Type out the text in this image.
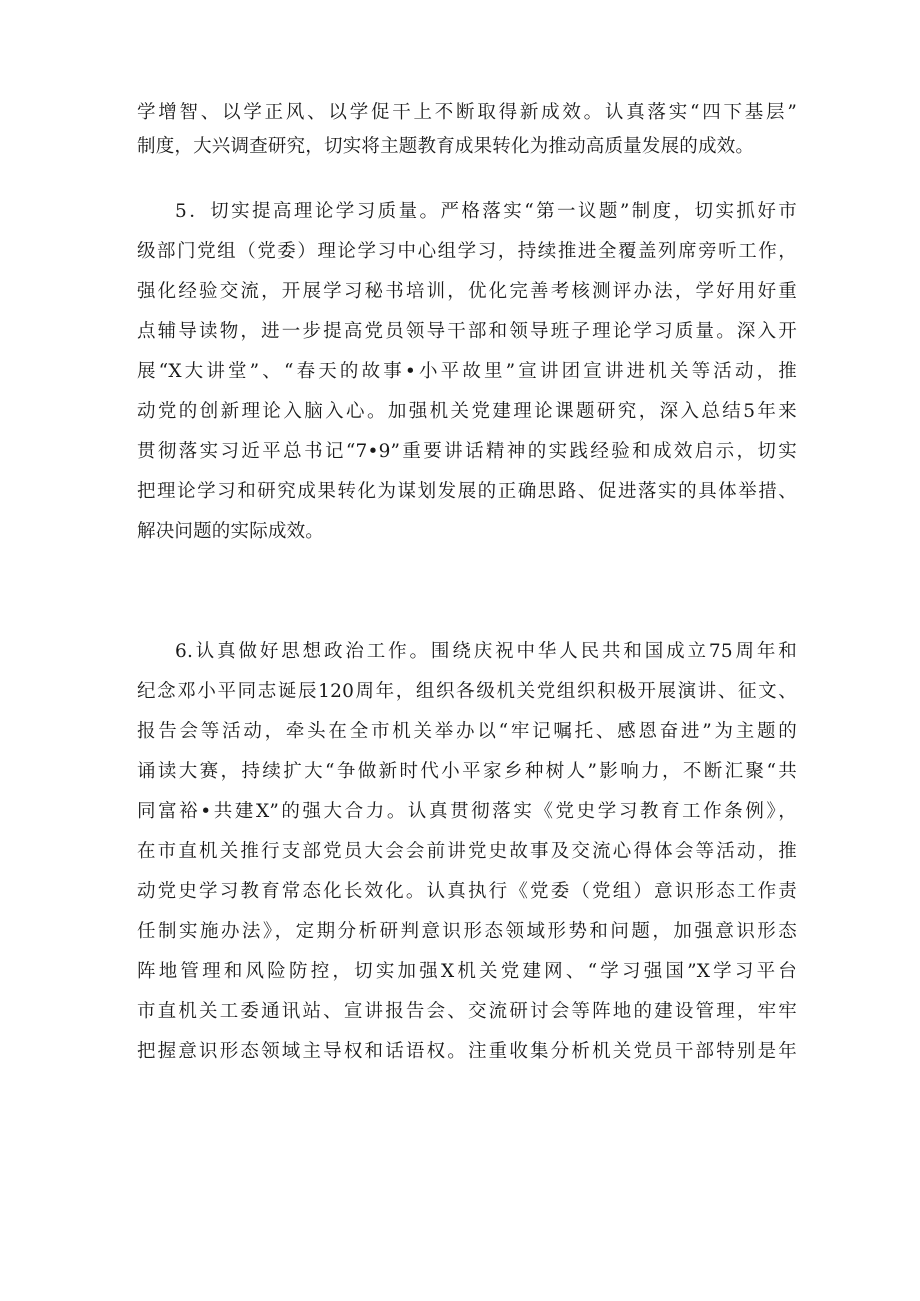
学增智、以学正风、以学促干上不断取得新成效。认真落实“四下基层”
制度，大兴调查研究，切实将主题教育成果转化为推动高质量发展的成效。
5．切实提高理论学习质量。严格落实“第一议题”制度，切实抓好市
级部门党组（党委）理论学习中心组学习，持续推进全覆盖列席旁听工作，
强化经验交流，开展学习秘书培训，优化完善考核测评办法，学好用好重
点辅导读物，进一步提高党员领导干部和领导班子理论学习质量。深入开
展“X大讲堂”、“春天的故事•小平故里”宣讲团宣讲进机关等活动，推
动党的创新理论入脑入心。加强机关党建理论课题研究，深入总结5年来
贯彻落实习近平总书记“7•9”重要讲话精神的实践经验和成效启示，切实
把理论学习和研究成果转化为谋划发展的正确思路、促进落实的具体举措、
解决问题的实际成效。
6.认真做好思想政治工作。围绕庆祝中华人民共和国成立75周年和
纪念邓小平同志诞辰120周年，组织各级机关党组织积极开展演讲、征文、
报告会等活动，牵头在全市机关举办以“牢记嘱托、感恩奋进”为主题的
诵读大赛，持续扩大“争做新时代小平家乡种树人”影响力，不断汇聚“共
同富裕•共建X”的强大合力。认真贯彻落实《党史学习教育工作条例》，
在市直机关推行支部党员大会会前讲党史故事及交流心得体会等活动，推
动党史学习教育常态化长效化。认真执行《党委（党组）意识形态工作责
任制实施办法》，定期分析研判意识形态领域形势和问题，加强意识形态
阵地管理和风险防控，切实加强X机关党建网、“学习强国”X学习平台
市直机关工委通讯站、宣讲报告会、交流研讨会等阵地的建设管理，牢牢
把握意识形态领域主导权和话语权。注重收集分析机关党员干部特别是年
